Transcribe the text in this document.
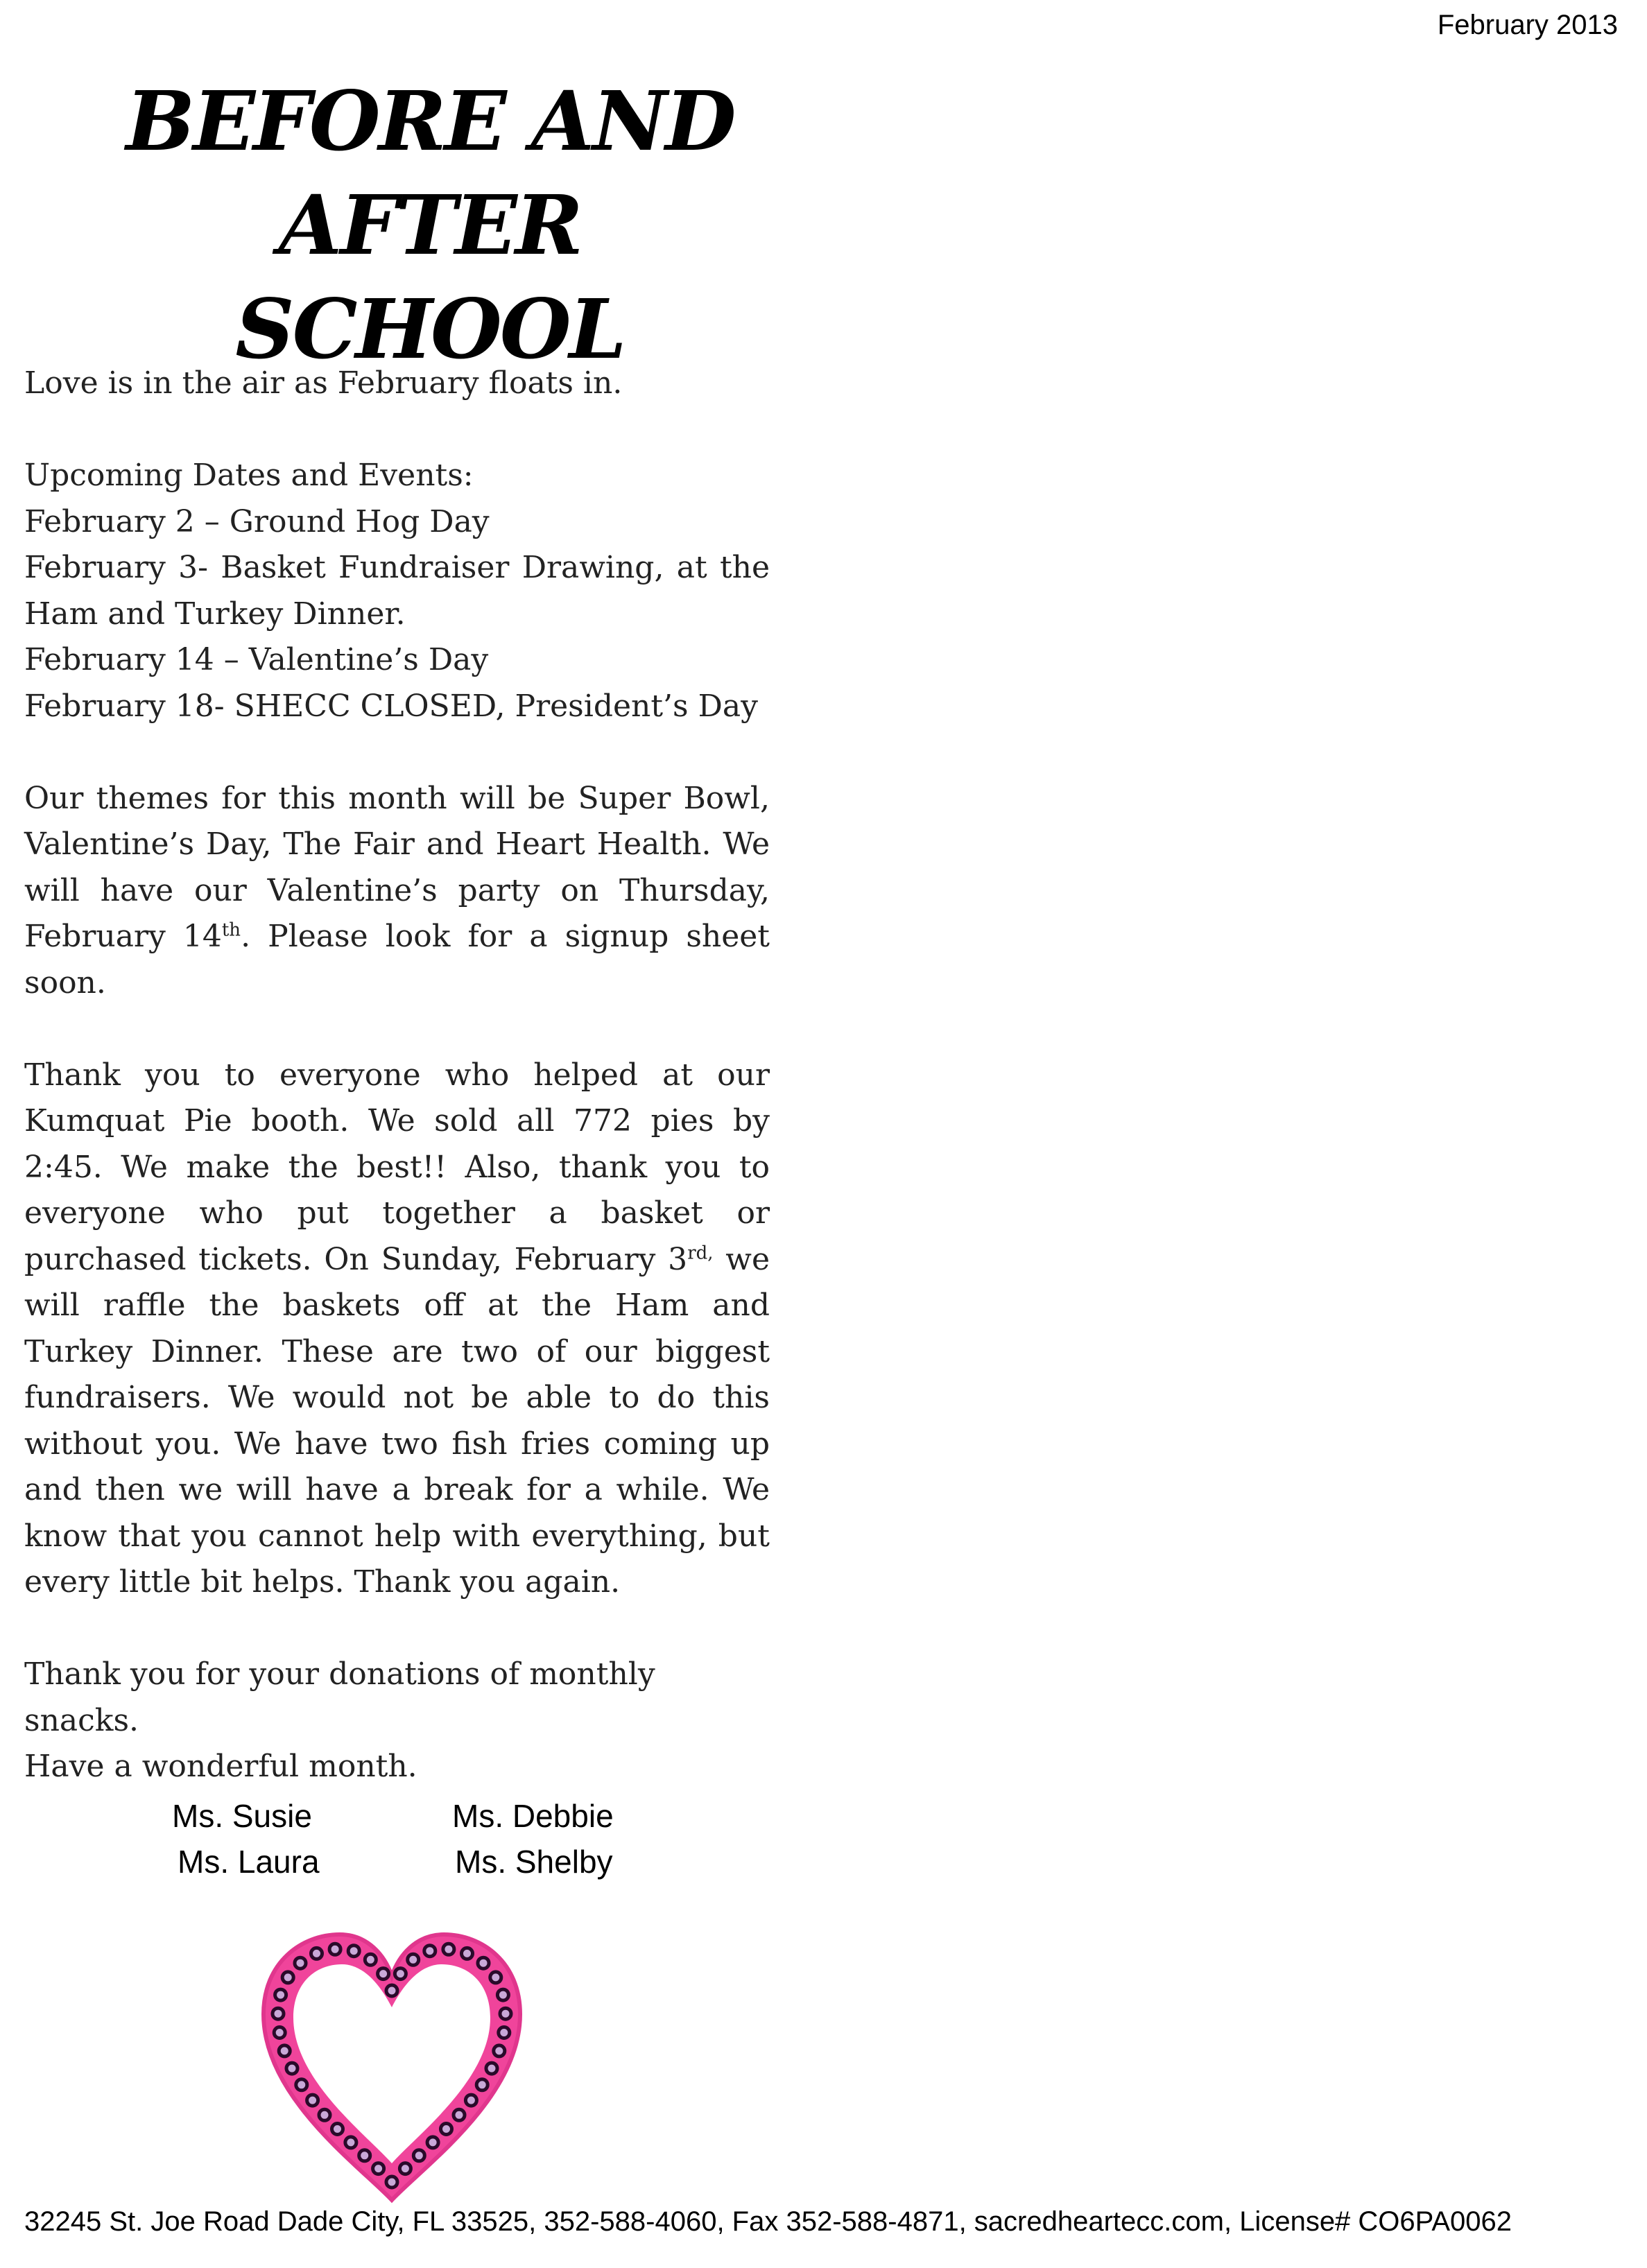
February 2013
BEFORE AND
AFTER SCHOOL

Love is in the air as February floats in.

Upcoming Dates and Events:

February 2 – Ground Hog Day

February 3- Basket Fundraiser Drawing, at the Ham and Turkey Dinner.

February 14 – Valentine’s Day

February 18- SHECC CLOSED, President’s Day

Our themes for this month will be Super Bowl, Valentine’s Day, The Fair and Heart Health. We will have our Valentine’s party on Thursday, February 14th. Please look for a signup sheet soon.

Thank you to everyone who helped at our Kumquat Pie booth. We sold all 772 pies by 2:45. We make the best!! Also, thank you to everyone who put together a basket or purchased tickets. On Sunday, February $3^{rd,}$ we will raffle the baskets off at the Ham and Turkey Dinner. These are two of our biggest fundraisers. We would not be able to do this without you. We have two fish fries coming up and then we will have a break for a while. We know that you cannot help with everything, but every little bit helps. Thank you again.

Thank you for your donations of monthly snacks.

Have a wonderful month.

Ms. Susie	Ms. Debbie
Ms. Laura	Ms. Shelby
32245 St. Joe Road Dade City, FL 33525, 352-588-4060, Fax 352-588-4871, sacredheartecc.com, License# CO6PA0062
